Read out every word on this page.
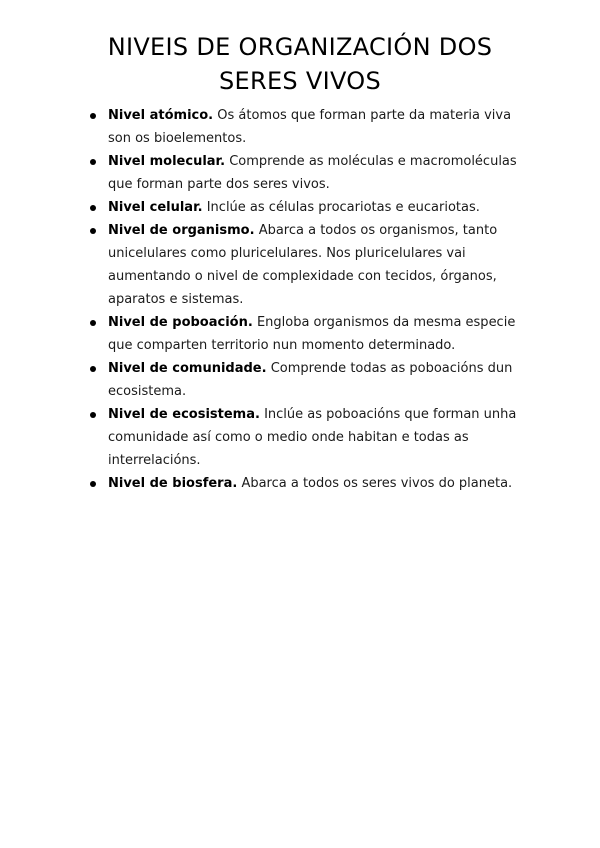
NIVEIS DE ORGANIZACIÓN DOS
SERES VIVOS
Nivel atómico. Os átomos que forman parte da materia viva son os bioelementos.
Nivel molecular. Comprende as moléculas e macromoléculas que forman parte dos seres vivos.
Nivel celular. Inclúe as células procariotas e eucariotas.
Nivel de organismo. Abarca a todos os organismos, tanto unicelulares como pluricelulares. Nos pluricelulares vai aumentando o nivel de complexidade con tecidos, órganos, aparatos e sistemas.
Nivel de poboación. Engloba organismos da mesma especie que comparten territorio nun momento determinado.
Nivel de comunidade. Comprende todas as poboacións dun ecosistema.
Nivel de ecosistema. Inclúe as poboacións que forman unha comunidade así como o medio onde habitan e todas as interrelacións.
Nivel de biosfera. Abarca a todos os seres vivos do planeta.
